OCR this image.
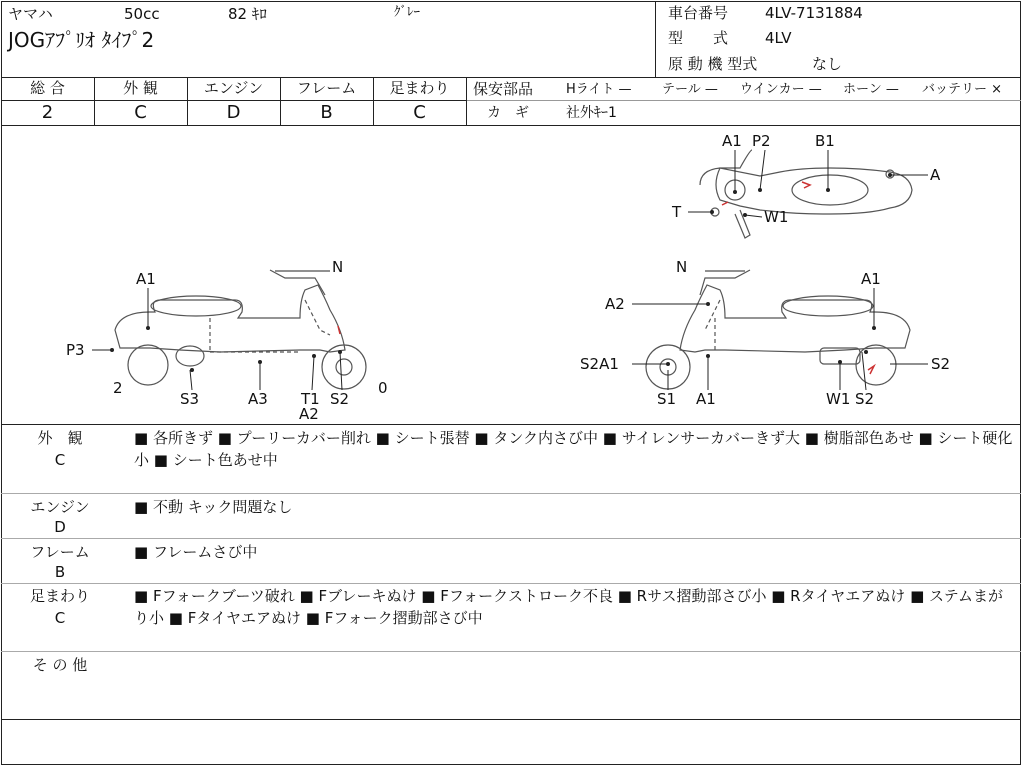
ヤマハ	50cc	82 ｷﾛ	ｸﾞﾚｰ
JOGｱﾌﾟﾘｵ ﾀｲﾌﾟ2
車台番号 4LV-7131884
型　　式 4LV
原 動 機 型式	なし
総 合	外 観	エンジン	フレーム	足まわり
2	C	D	B	C
保安部品	Hライト — テール — ウインカー — ホーン — バッテリー ×
カ　ギ	社外ｷｰ1
A1 P2	B1
A
T	W1
N
A1
P3
2
S3	A3 T1
A2
S2
0
N
A2
A1
S2A1
S1 A1	W1 S2
S2
外　観
C
■ 各所きず ■ プーリーカバー削れ ■ シート張替 ■ タンク内さび中 ■ サイレンサーカバーきず大 ■ 樹脂部色あせ ■ シート硬化小 ■ シート色あせ中
エンジン
D
■ 不動 キック問題なし
フレーム
B
■ フレームさび中
足まわり
C
■ Fフォークブーツ破れ ■ Fブレーキぬけ ■ Fフォークストローク不良 ■ Rサス摺動部さび小 ■ Rタイヤエアぬけ ■ ステムまがり小 ■ Fタイヤエアぬけ ■ Fフォーク摺動部さび中
そ の 他
